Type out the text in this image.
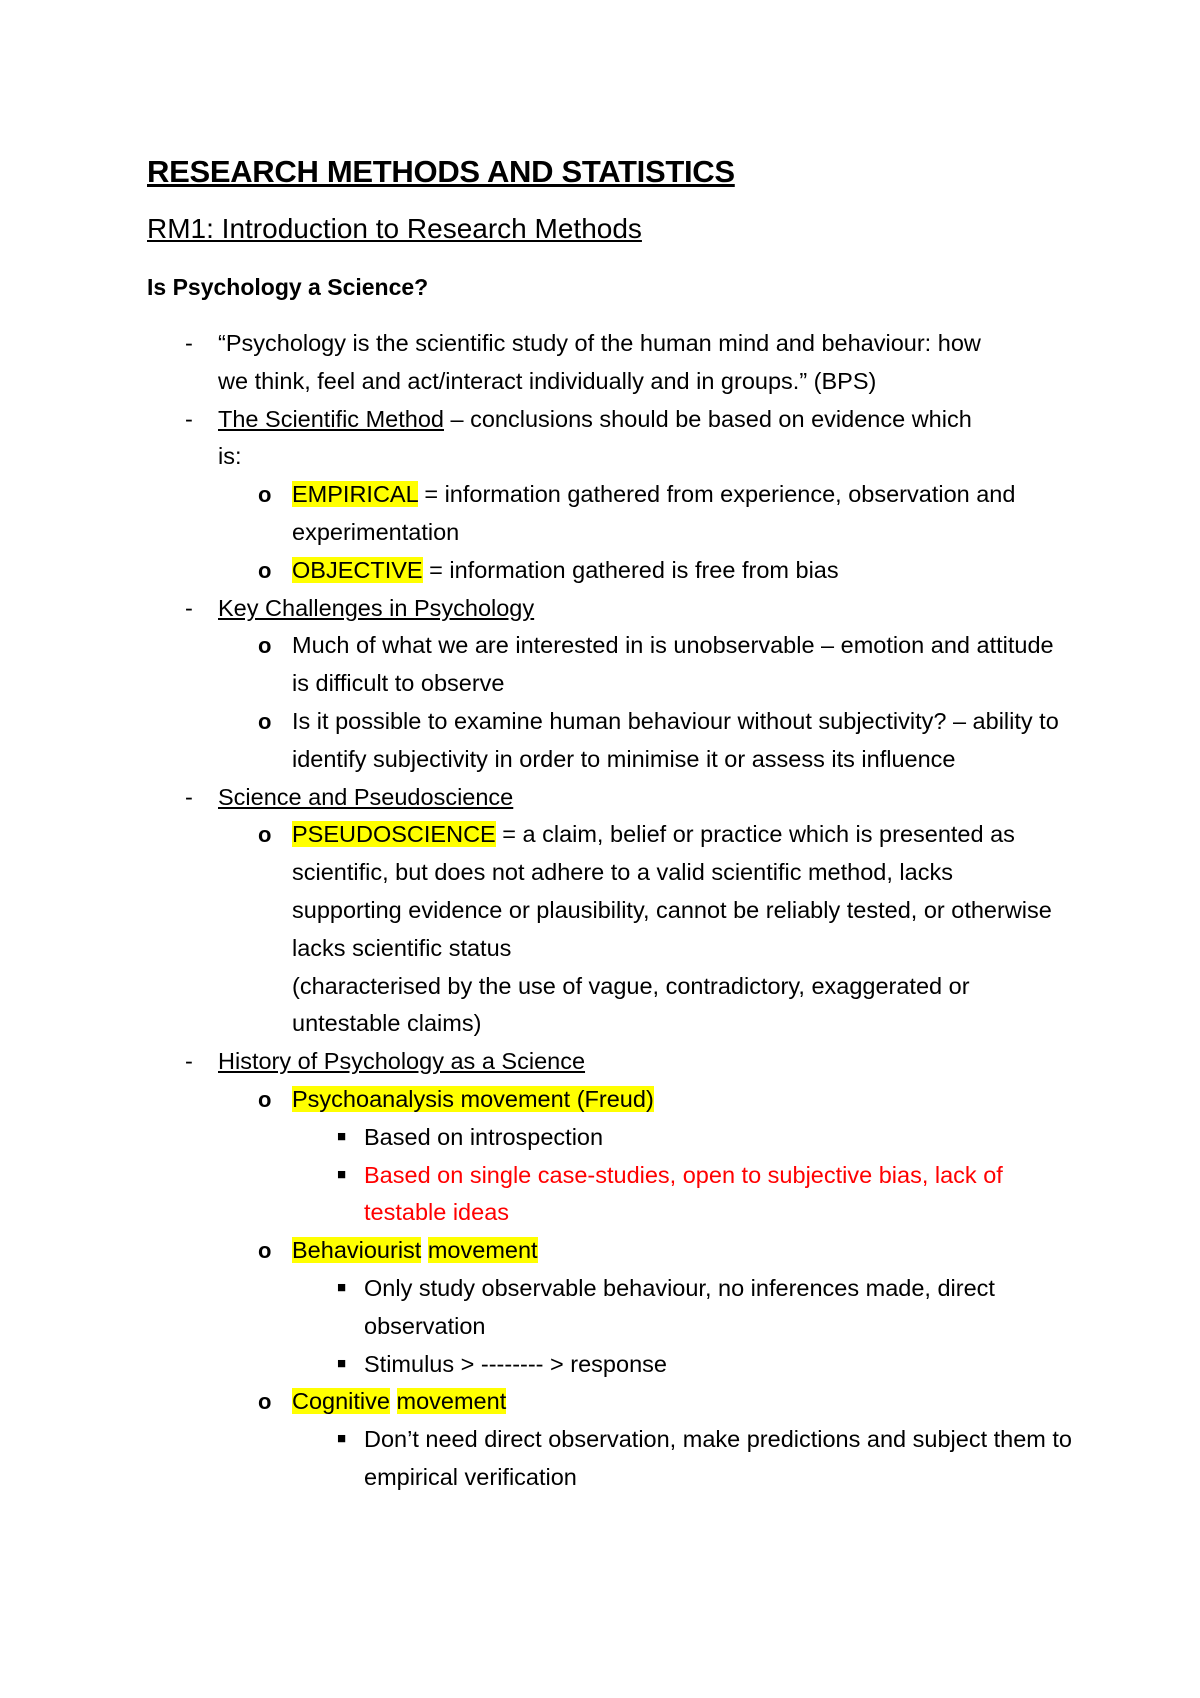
RESEARCH METHODS AND STATISTICS
RM1: Introduction to Research Methods
Is Psychology a Science?
- “Psychology is the scientific study of the human mind and behaviour: how we think, feel and act/interact individually and in groups.” (BPS)
- The Scientific Method – conclusions should be based on evidence which is:
o EMPIRICAL = information gathered from experience, observation and experimentation
o OBJECTIVE = information gathered is free from bias
- Key Challenges in Psychology
o Much of what we are interested in is unobservable – emotion and attitude is difficult to observe
o Is it possible to examine human behaviour without subjectivity? – ability to identify subjectivity in order to minimise it or assess its influence
- Science and Pseudoscience
o PSEUDOSCIENCE = a claim, belief or practice which is presented as scientific, but does not adhere to a valid scientific method, lacks supporting evidence or plausibility, cannot be reliably tested, or otherwise lacks scientific status
(characterised by the use of vague, contradictory, exaggerated or untestable claims)
- History of Psychology as a Science
o Psychoanalysis movement (Freud)
■ Based on introspection
■ Based on single case-studies, open to subjective bias, lack of testable ideas
o Behaviourist movement
■ Only study observable behaviour, no inferences made, direct observation
■ Stimulus > -------- > response
o Cognitive movement
■ Don’t need direct observation, make predictions and subject them to empirical verification
